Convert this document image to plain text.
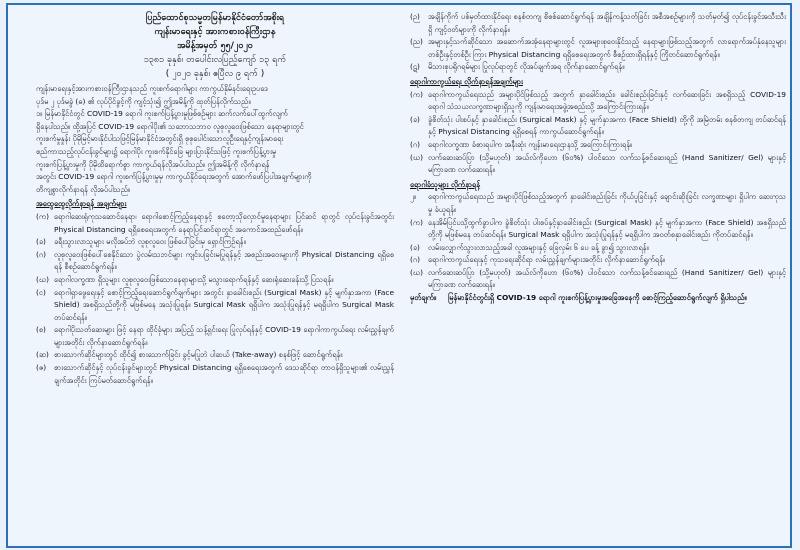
ပြည်ထောင်စုသမ္မတမြန်မာနိုင်ငံတော်အစိုးရ
ကျန်းမာရေးနှင့် အားကစားဝန်ကြီးဌာန
အမိန့်အမှတ် ၅၅/၂၀၂၀
၁၃၈၁ ခုနှစ်၊ တပေါင်းလပြည့်ကျော် ၁၃ ရက်
( ၂၀၂၀ ခုနှစ်၊ ဧပြီလ ၉ ရက် )
ကျန်းမာရေးနှင့်အားကစားဝန်ကြီးဌာနသည် ကူးစက်ရောဂါများ ကာကွယ်နှိမ်နင်းရေးဥပဒေ
ပုဒ်မ ၂ ပုဒ်မခွဲ (ဓ) ၏ လုပ်ပိုင်ခွင့်ကို ကျင့်သုံး၍ ဤအမိန့်ကို ထုတ်ပြန်လိုက်သည်။
၁။ မြန်မာနိုင်ငံတွင် COVID-19 ရောဂါ ကူးစက်ပြန့်ပွားမှုဖြစ်စဉ်များ ဆက်လက်ပေါ်ထွက်လျက်
ရှိနေပါသည်။ ထို့အပြင် COVID-19 ရောဂါပိုး၏ သဘောသဘာဝ လူစုလူဝေးဖြစ်သော နေရာများတွင်
ကူးစက်မှုနှုန်း ပိုမိုမြင့်မားနိုင်ပါသဖြင့်မြန်မာနိုင်ငံအတွင်းရှိ စုစုပေါင်းသောလူဦးရေနှင့်ကျန်းမာရေး
စည်ကားသည့်လုပ်ငန်းခွင်များ၌ ရောဂါပိုး ကူးစက်နိုင်ခြေ များပြားနိုင်သဖြင့် ကူးစက်ပြန့်ပွားမှု
ကူးစက်ပြန့်ပွားမှုကို ပိုမိုထိရောက်စွာ ကာကွယ်ရန်လိုအပ်ပါသည်။ ဤအမိန့်ကို လိုက်နာရန်
အတွင်း COVID-19 ရောဂါ ကူးစက်ပြန့်ပွားမှုမှ ကာကွယ်နိုင်ရေးအတွက် အောက်ဖော်ပြပါအချက်များကို
တိကျစွာလိုက်နာရန် လိုအပ်ပါသည်။
အထွေထွေလိုက်နာရန် အချက်များ
(က) ရောဂါဆေးရုံကုသဆောင်နေရာ၊ ရောဂါစောင့်ကြည့်နေရာနှင့် စတော့သိုလှောင်မှုနေရာများ ပြင်ဆင် ရာတွင် လုပ်ငန်းခွင်အတွင်း Physical Distancing ရရှိစေရေးအတွက် နေရာပြင်ဆင်ရာတွင် အကောင်အထည်ဖော်ရန်။
(ခ)	ခရီးသွားလာသူများ မလိုအပ်ဘဲ လူစုလူဝေး ဖြစ်ပေါ်ခြင်းမှ ရှောင်ကြဉ်ရန်။
(ဂ)	လူစုလူဝေးဖြစ်ပေါ်စေနိုင်သော ပွဲလမ်းသဘင်များ ကျင်းပခြင်းမပြုရန်နှင့် အစည်းအဝေးများကို Physical Distancing ရရှိစေရန် စီစဉ်ဆောင်ရွက်ရန်။
(ဃ) ရောဂါလက္ခဏာ ရှိသူများ လူစုလူဝေးဖြစ်သောနေရာများသို့ မသွားရောက်ရန်နှင့် ဆေးရုံဆေးခန်းသို့ ပြသရန်။
(င)	ရောဂါရှာဖွေရေးနှင့် စောင့်ကြည့်ရေးဆောင်ရွက်ချက်များ အတွင်း နှာခေါင်းစည်း (Surgical Mask) နှင့် မျက်နှာအကာ (Face Shield) အစရှိသည်တို့ကို မဖြစ်မနေ အသုံးပြုရန်။ Surgical Mask ရရှိပါက အသုံးပြုရန်နှင့် မရရှိပါက Surgical Mask တပ်ဆင်ရန်။
(စ)	ရောဂါပိုးသတ်ဆေးများ ဖြင့် နေရာ ထိုင်ခုံများ အပြည့် သန့်ရှင်းရေး ပြုလုပ်ရန်နှင့် COVID-19 ရောဂါကာကွယ်ရေး လမ်းညွှန်ချက်များအတိုင်း လိုက်နာဆောင်ရွက်ရန်။
(ဆ) စားသောက်ဆိုင်များတွင် ထိုင်၍ စားသောက်ခြင်း ခွင့်မပြုဘဲ ပါဆယ် (Take-away) စနစ်ဖြင့် ဆောင်ရွက်ရန်။
(ဇ)	စားသောက်ဆိုင်နှင့် လုပ်ငန်းခွင်များတွင် Physical Distancing ရရှိစေရေးအတွက် ဒေသဆိုင်ရာ တာဝန်ရှိသူများ၏ လမ်းညွှန်ချက်အတိုင်း ကြပ်မတ်ဆောင်ရွက်ရန်။
(ဉ)	အချိန်ကိုက် ပစ်မှတ်ထားနိုင်ရေး စနစ်တကျ စိစစ်ဆောင်ရွက်ရန် အချိန်ကန့်သတ်ခြင်း အစီအစဉ်များကို သတ်မှတ်၍ လုပ်ငန်းခွင်အသီးသီးရှိ ကျင့်ဝတ်များကို လိုက်နာရန်။
(ည) အများနှင့်သက်ဆိုင်သော အဆောက်အအုံနေရာများတွင် လူအများစုဝေးနိုင်သည့် နေရာများဖြစ်သည့်အတွက် လာရောက်အပ်နှံနေသူများ တစ်ဦးနှင့်တစ်ဦး ကြား Physical Distancing ရရှိစေရေးအတွက် စီစဉ်ထားရှိရန်နှင့် ကြိုတင်ဆောင်ရွက်ရန်။
(ဋ)	မိသားစုပရိုဂရမ်များ ပြုလုပ်ရာတွင် လိုအပ်ချက်အရ လိုက်နာဆောင်ရွက်ရန်။
ရောဂါကာကွယ်ရေး လိုက်နာရန်အချက်များ
(က) ရောဂါကာကွယ်ရေးသည် အများပိုင်ဖြစ်သည့် အတွက် နှာခေါင်းစည်း၊ ခေါင်းစည်းခြင်းနှင့် လက်ဆေးခြင်း အစရှိသည့် COVID-19 ရောဂါ သံသယလက္ခဏာများရှိသူကို ကျန်းမာရေးအဖွဲ့အစည်းသို့ အကြောင်းကြားရန်။
(ခ)	ခွဲစိတ်သုံး ပါးစပ်နှင့် နှာခေါင်းစည်း (Surgical Mask) နှင့် မျက်နှာအကာ (Face Shield) တို့ကို အမြဲတမ်း စနစ်တကျ တပ်ဆင်ရန်နှင့် Physical Distancing ရရှိစေရန် ကာကွယ်ဆောင်ရွက်ရန်။
(ဂ)	ရောဂါလက္ခဏာ ခံစားရပါက အနီးဆုံး ကျန်းမာရေးဌာနသို့ အကြောင်းကြားရန်။
(ဃ) လက်ဆေးဆပ်ပြာ (သို့မဟုတ်) အယ်လ်ကိုဟော (၆၀%) ပါဝင်သော လက်သန့်စင်ဆေးရည် (Hand Sanitizer/ Gel) များနှင့် မကြာခဏ လက်ဆေးရန်။
ရောဂါခံသူများ လိုက်နာရန်
၂။	ရောဂါကာကွယ်ရေးသည် အများပိုင်ဖြစ်သည့်အတွက် နှာခေါင်းစည်းခြင်း ကိုယ်ပူခြင်းနှင့် ချောင်းဆိုးခြင်း လက္ခဏာများ ရှိပါက ဆေးကုသမှု ခံယူရန်။
(က) နေအိမ်ပြင်ပသို့ထွက်ခွာပါက ခွဲစိတ်သုံး ပါးစပ်နှင့်နှာခေါင်းစည်း (Surgical Mask) နှင့် မျက်နှာအကာ (Face Shield) အစရှိသည်တို့ကို မဖြစ်မနေ တပ်ဆင်ရန်။ Surgical Mask ရရှိပါက အသုံးပြုရန်နှင့် မရရှိပါက အဝတ်စနှာခေါင်းစည်း ကိုတပ်ဆင်ရန်။
(ခ)	လမ်းလျှောက်သွားလာသည့်အခါ လူအများနှင့် ခြေလှမ်း ၆ ပေ ခန့် ခွာ၍ သွားလာရန်။
(ဂ)	ရောဂါကာကွယ်ရေးနှင့် ကုသရေးဆိုင်ရာ လမ်းညွှန်ချက်များအတိုင်း လိုက်နာဆောင်ရွက်ရန်။
(ဃ) လက်ဆေးဆပ်ပြာ (သို့မဟုတ်) အယ်လ်ကိုဟော (၆၀%) ပါဝင်သော လက်သန့်စင်ဆေးရည် (Hand Sanitizer/ Gel) များနှင့် မကြာခဏ လက်ဆေးရန်။
မှတ်ချက်။	မြန်မာနိုင်ငံတွင်းရှိ COVID-19 ရောဂါ ကူးစက်ပြန့်ပွားမှုအခြေအနေကို စောင့်ကြည့်ဆောင်ရွက်လျက် ရှိပါသည်။
